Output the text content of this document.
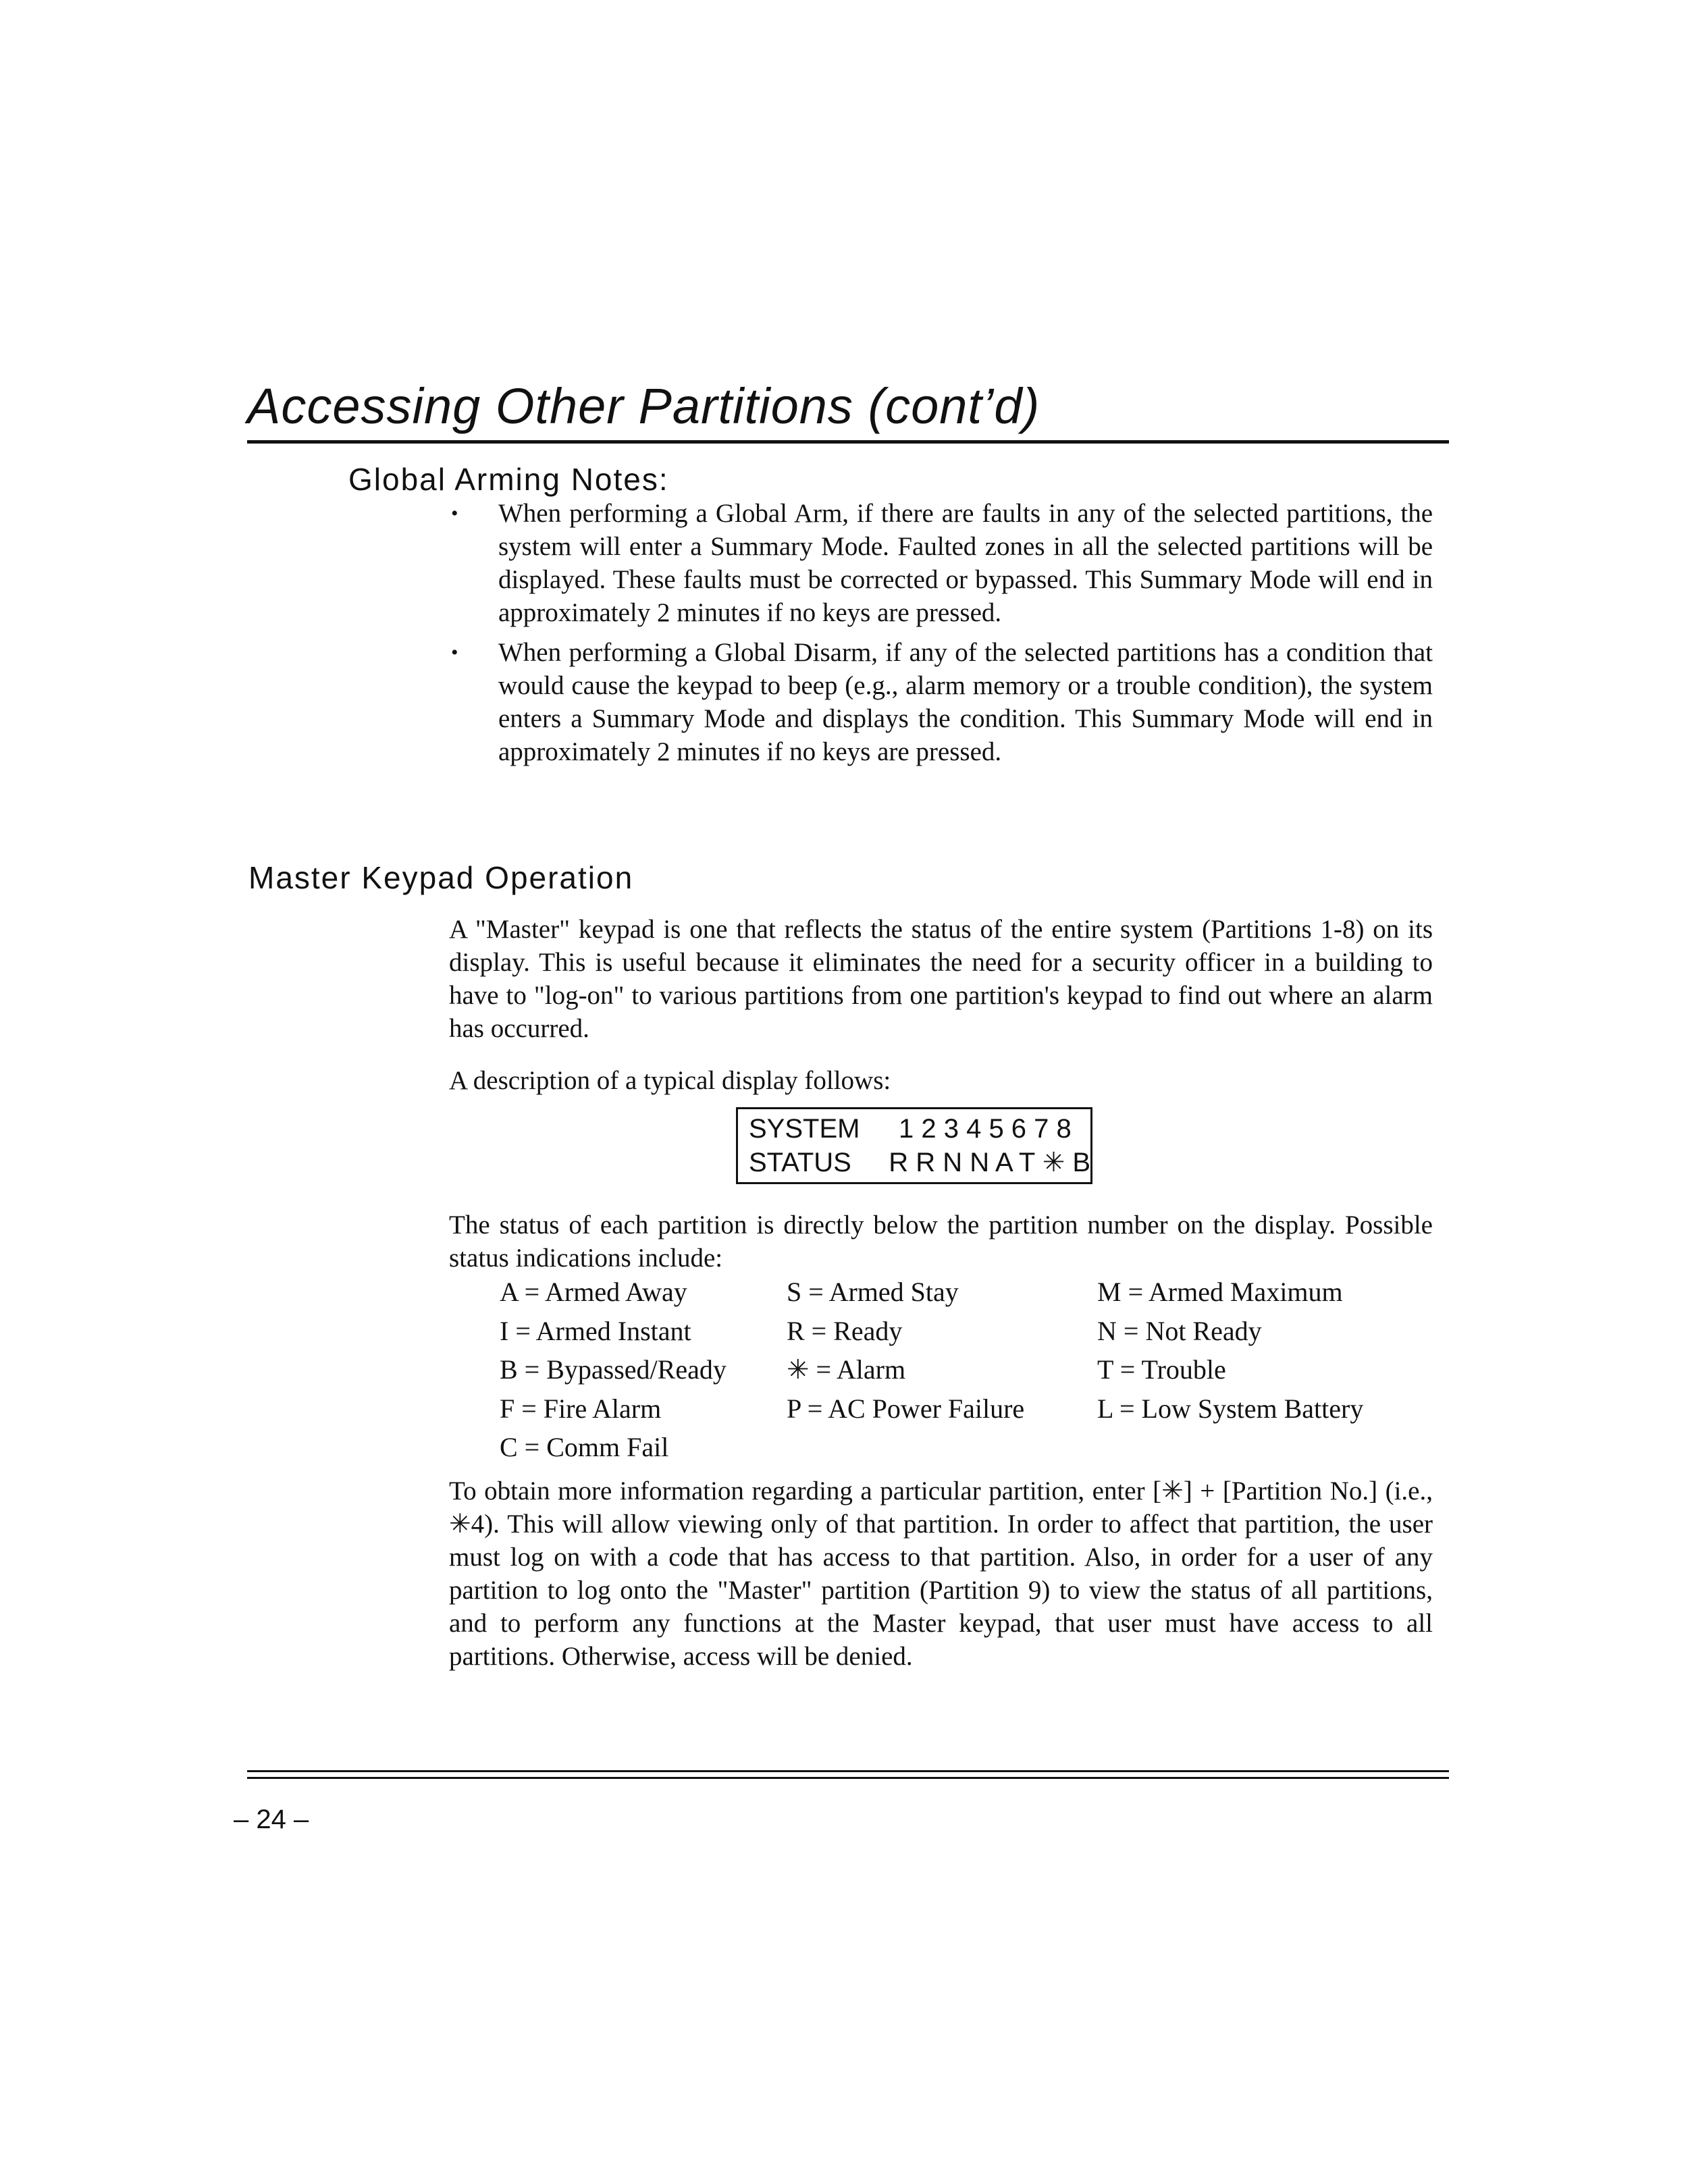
Accessing Other Partitions (cont’d)
Global Arming Notes:
• When performing a Global Arm, if there are faults in any of the selected partitions, the system will enter a Summary Mode. Faulted zones in all the selected partitions will be displayed. These faults must be corrected or bypassed. This Summary Mode will end in approximately 2 minutes if no keys are pressed.
• When performing a Global Disarm, if any of the selected partitions has a condition that would cause the keypad to beep (e.g., alarm memory or a trouble condition), the system enters a Summary Mode and displays the condition. This Summary Mode will end in approximately 2 minutes if no keys are pressed.
Master Keypad Operation

A "Master" keypad is one that reflects the status of the entire system (Partitions 1-8) on its display. This is useful because it eliminates the need for a security officer in a building to have to "log-on" to various partitions from one partition's keypad to find out where an alarm has occurred.

A description of a typical display follows:

SYSTEM	1 2 3 4 5 6 7 8
STATUS	R R N N A T ✳ B

The status of each partition is directly below the partition number on the display. Possible status indications include:

A = Armed Away	S = Armed Stay	M = Armed Maximum
I = Armed Instant	R = Ready	N = Not Ready
B = Bypassed/Ready	✳ = Alarm	T = Trouble
F = Fire Alarm	P = AC Power Failure	L = Low System Battery
C = Comm Fail

To obtain more information regarding a particular partition, enter [✳] + [Partition No.] (i.e., ✳4). This will allow viewing only of that partition. In order to affect that partition, the user must log on with a code that has access to that partition. Also, in order for a user of any partition to log onto the "Master" partition (Partition 9) to view the status of all partitions, and to perform any functions at the Master keypad, that user must have access to all partitions. Otherwise, access will be denied.

– 24 –
